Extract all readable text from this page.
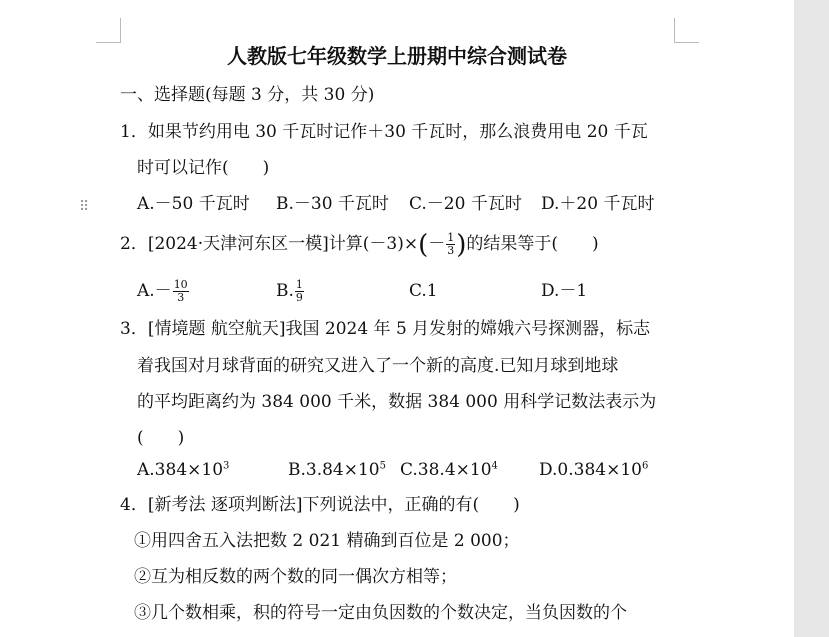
⠿
人教版七年级数学上册期中综合测试卷
一、选择题(每题 3 分，共 30 分)
1．如果节约用电 30 千瓦时记作＋30 千瓦时，那么浪费用电 20 千瓦
时可以记作(　　)
A.－50 千瓦时 B.－30 千瓦时 C.－20 千瓦时 D.＋20 千瓦时
2．[2024·天津河东区一模]计算$(-3)\times(- \frac{1}{3}$ )的结果等于(　　)
$A.- \frac{10}{3}$	B. $\frac{1}{9}$	C.1	D.－1
3．[情境题 航空航天]我国 2024 年 5 月发射的嫦娥六号探测器，标志
着我国对月球背面的研究又进入了一个新的高度.已知月球到地球
的平均距离约为 384 000 千米，数据 384 000 用科学记数法表示为
(　　)
$A.384\times 10^3$	$B.3.84\times 10^5$ $C.38.4\times 10^4$ $D.0.384\times 10^6$
4．[新考法 逐项判断法]下列说法中，正确的有(　　)
①用四舍五入法把数 2 021 精确到百位是 2 000；
②互为相反数的两个数的同一偶次方相等；
③几个数相乘，积的符号一定由负因数的个数决定，当负因数的个
